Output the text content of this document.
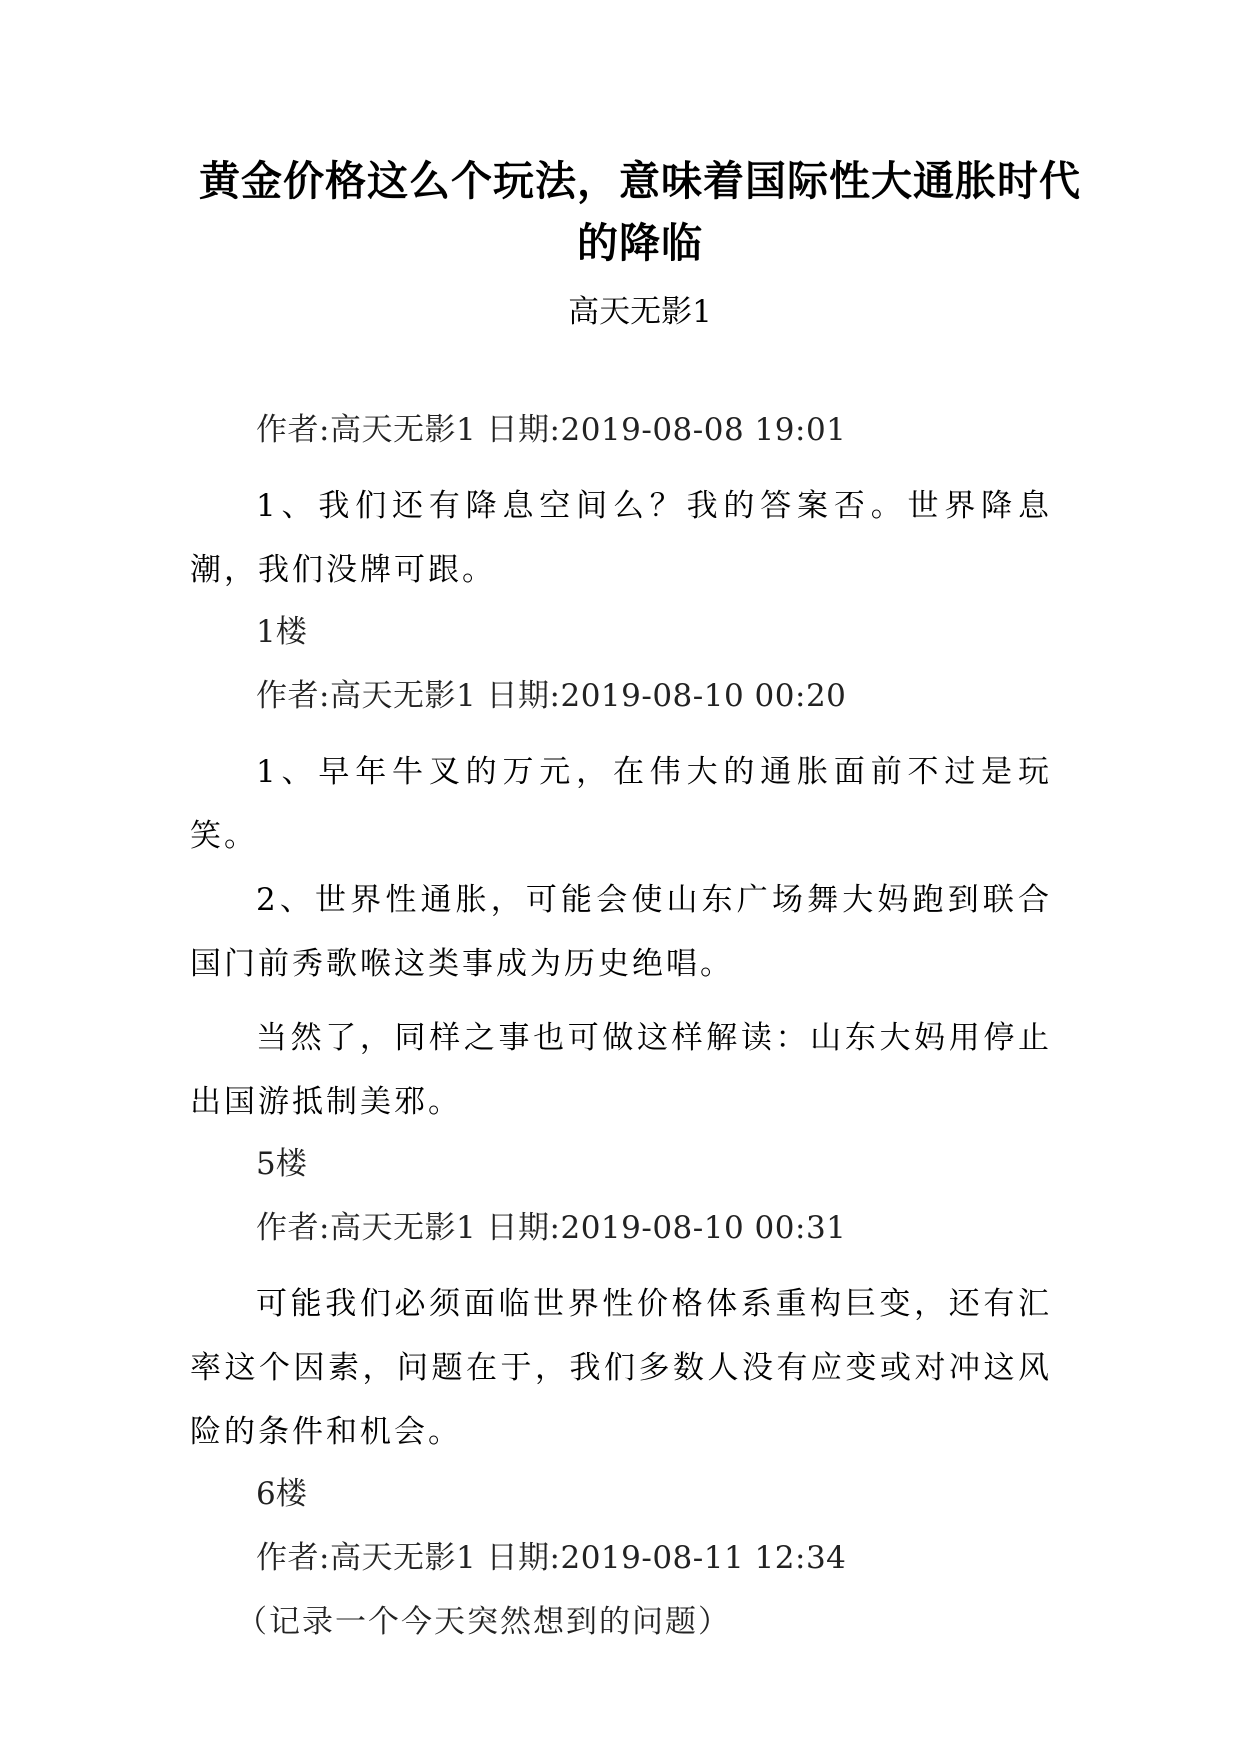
黄金价格这么个玩法，意味着国际性大通胀时代的降临
高天无影1

作者:高天无影1 日期:2019-08-08 19:01

1、我们还有降息空间么？我的答案否。世界降息潮，我们没牌可跟。

1楼

作者:高天无影1 日期:2019-08-10 00:20

1、早年牛叉的万元，在伟大的通胀面前不过是玩笑。

2、世界性通胀，可能会使山东广场舞大妈跑到联合国门前秀歌喉这类事成为历史绝唱。

当然了，同样之事也可做这样解读：山东大妈用停止出国游抵制美邪。

5楼

作者:高天无影1 日期:2019-08-10 00:31

可能我们必须面临世界性价格体系重构巨变，还有汇率这个因素，问题在于，我们多数人没有应变或对冲这风险的条件和机会。

6楼

作者:高天无影1 日期:2019-08-11 12:34

（记录一个今天突然想到的问题）
